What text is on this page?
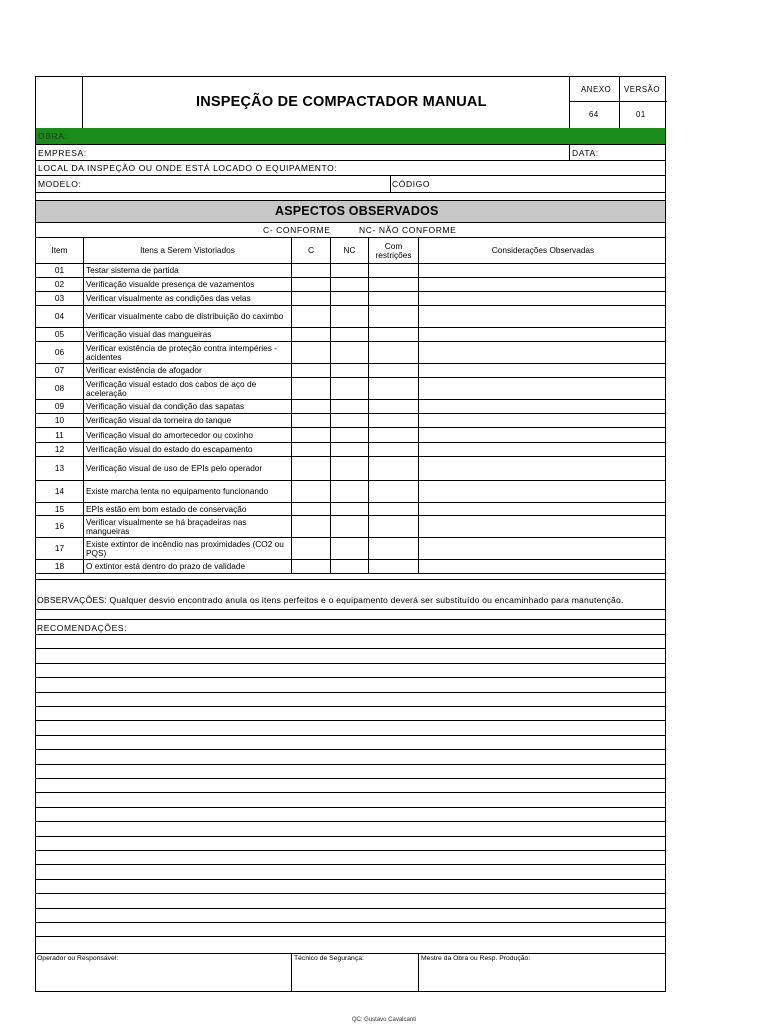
INSPEÇÃO DE COMPACTADOR MANUAL
ANEXO VERSÃO
64	01
OBRA:
EMPRESA:	DATA:
LOCAL DA INSPEÇÃO OU ONDE ESTÁ LOCADO O EQUIPAMENTO:
MODELO:	CÓDIGO
ASPECTOS OBSERVADOS
C- CONFORME	NC- NÃO CONFORME
Item	Itens a Serem Vistoriados	C	NC	Com restrições	Considerações Observadas
01	Testar sistema de partida
02	Verificação visualde presença de vazamentos
03	Verificar visualmente as condições das velas
04	Verificar visualmente cabo de distribuição do caximbo
05	Verificação visual das mangueiras
06	Verificar existência de proteção contra intempéries -acidentes
07	Verificar existência de afogador
08	Verificação visual estado dos cabos de aço de aceleração
09	Verificação visual da condição das sapatas
10	Verificação visual da torneira do tanque
11	Verificação visual do amortecedor ou coxinho
12	Verificação visual do estado do escapamento
13	Verificação visual de uso de EPIs pelo operador
14	Existe marcha lenta no equipamento funcionando
15	EPIs estão em bom estado de conservação
16	Verificar visualmente se há braçadeiras nas mangueiras
17	Existe extintor de incêndio nas proximidades (CO2 ou PQS)
18	O extintor está dentro do prazo de validade
OBSERVAÇÕES: Qualquer desvio encontrado anula os itens perfeitos e o equipamento deverá ser substituído ou encaminhado para manutenção.
RECOMENDAÇÕES:
Operador ou Responsável:	Técnico de Segurança:	Mestre da Obra ou Resp. Produção:
QC: Gustavo Cavalcanti
